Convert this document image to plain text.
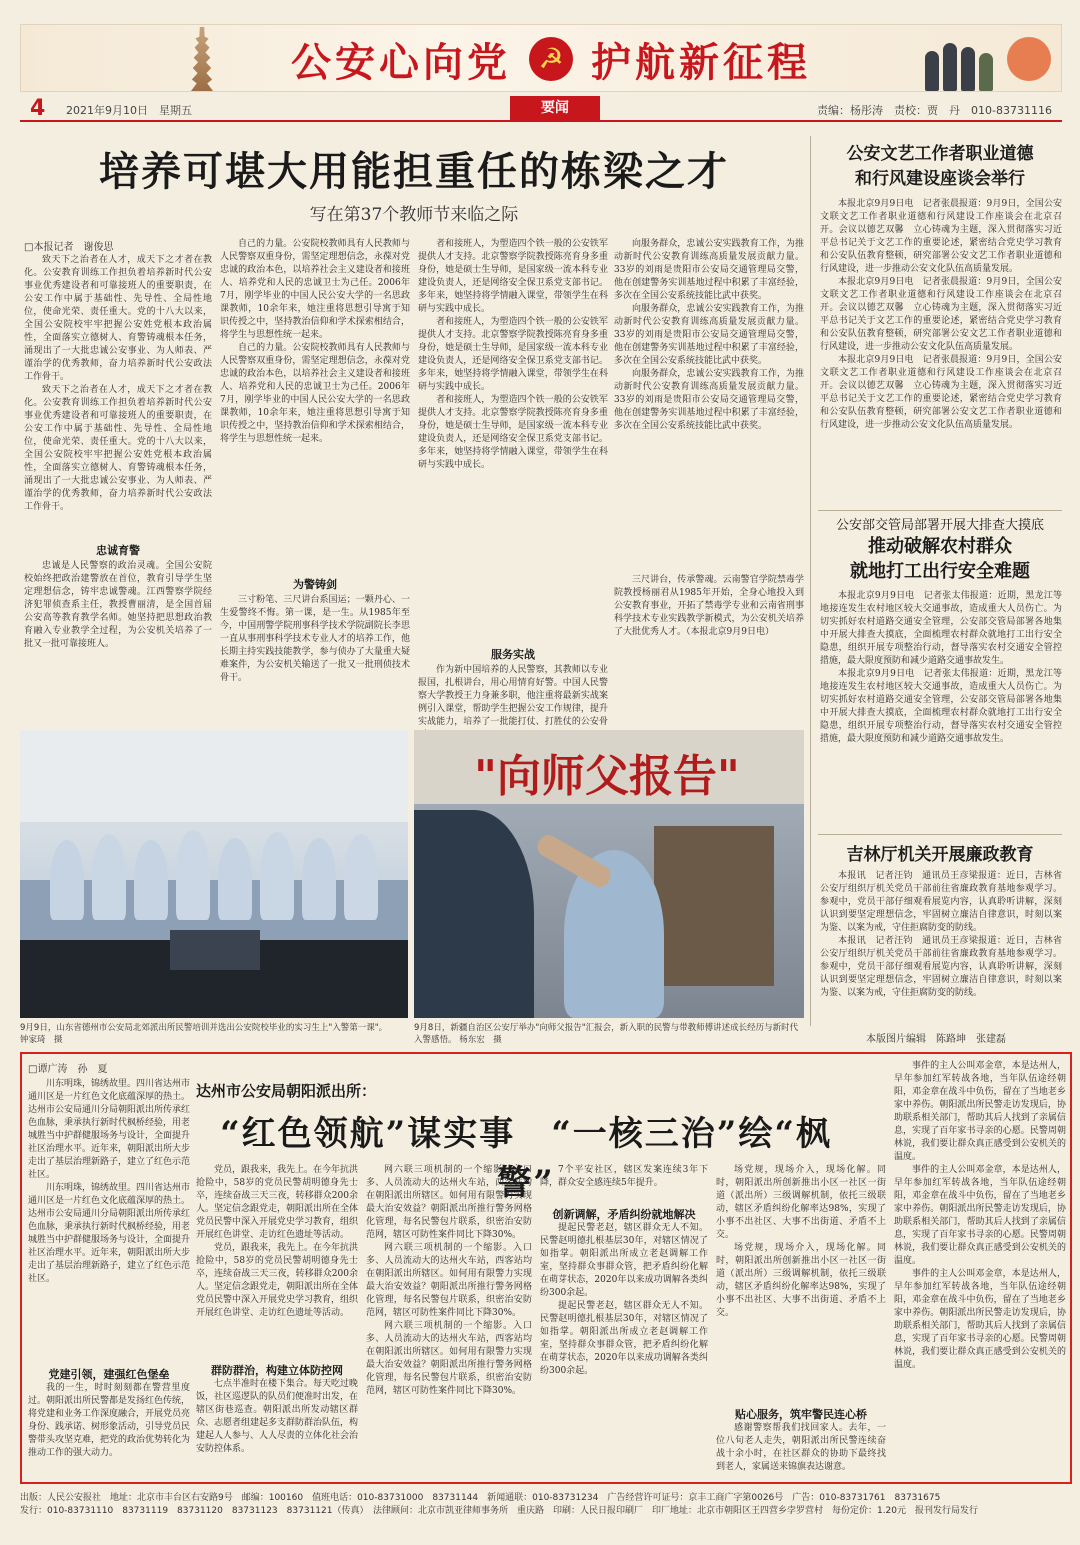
公安心向党 ☭ 护航新征程
4 2021年9月10日　星期五	要闻	责编：杨彤涛　责校：贾　丹　010-83731116
培养可堪大用能担重任的栋梁之才
写在第37个教师节来临之际
□本报记者　谢俊思
致天下之治者在人才，成天下之才者在教化。公安教育训练工作担负着培养新时代公安事业优秀建设者和可靠接班人的重要职责，在公安工作中属于基础性、先导性、全局性地位，使命光荣、责任重大。党的十八大以来，全国公安院校牢牢把握公安姓党根本政治属性，全面落实立德树人、育警铸魂根本任务，涌现出了一大批忠诚公安事业、为人师表、严谨治学的优秀教师，奋力培养新时代公安政法工作骨干。
致天下之治者在人才，成天下之才者在教化。公安教育训练工作担负着培养新时代公安事业优秀建设者和可靠接班人的重要职责，在公安工作中属于基础性、先导性、全局性地位，使命光荣、责任重大。党的十八大以来，全国公安院校牢牢把握公安姓党根本政治属性，全面落实立德树人、育警铸魂根本任务，涌现出了一大批忠诚公安事业、为人师表、严谨治学的优秀教师，奋力培养新时代公安政法工作骨干。
自己的力量。公安院校教师具有人民教师与人民警察双重身份，需坚定理想信念，永葆对党忠诚的政治本色，以培养社会主义建设者和接班人、培养党和人民的忠诚卫士为己任。2006年7月，刚学毕业的中国人民公安大学的一名思政课教师，10余年来，她注重将思想引导寓于知识传授之中，坚持教治信仰和学术探索相结合，将学生与思想性统一起来。
自己的力量。公安院校教师具有人民教师与人民警察双重身份，需坚定理想信念，永葆对党忠诚的政治本色，以培养社会主义建设者和接班人、培养党和人民的忠诚卫士为己任。2006年7月，刚学毕业的中国人民公安大学的一名思政课教师，10余年来，她注重将思想引导寓于知识传授之中，坚持教治信仰和学术探索相结合，将学生与思想性统一起来。
者和接班人，为塑造四个铁一般的公安铁军提供人才支持。北京警察学院教授陈亮育身多重身份，她是硕士生导师，是国家级一流本科专业建设负责人，还是网络安全保卫系党支部书记。多年来，她坚持将学情融入课堂，带领学生在科研与实践中成长。
者和接班人，为塑造四个铁一般的公安铁军提供人才支持。北京警察学院教授陈亮育身多重身份，她是硕士生导师，是国家级一流本科专业建设负责人，还是网络安全保卫系党支部书记。多年来，她坚持将学情融入课堂，带领学生在科研与实践中成长。
者和接班人，为塑造四个铁一般的公安铁军提供人才支持。北京警察学院教授陈亮育身多重身份，她是硕士生导师，是国家级一流本科专业建设负责人，还是网络安全保卫系党支部书记。多年来，她坚持将学情融入课堂，带领学生在科研与实践中成长。
向服务群众，忠诚公安实践教育工作，为推动新时代公安教育训练高质量发展贡献力量。33岁的刘雨是贵阳市公安局交通管理局交警，他在创建警务实训基地过程中积累了丰富经验，多次在全国公安系统技能比武中获奖。
向服务群众，忠诚公安实践教育工作，为推动新时代公安教育训练高质量发展贡献力量。33岁的刘雨是贵阳市公安局交通管理局交警，他在创建警务实训基地过程中积累了丰富经验，多次在全国公安系统技能比武中获奖。
向服务群众，忠诚公安实践教育工作，为推动新时代公安教育训练高质量发展贡献力量。33岁的刘雨是贵阳市公安局交通管理局交警，他在创建警务实训基地过程中积累了丰富经验，多次在全国公安系统技能比武中获奖。
忠诚育警
为警铸剑
服务实战
忠诚是人民警察的政治灵魂。全国公安院校始终把政治建警放在首位，教育引导学生坚定理想信念，铸牢忠诚警魂。江西警察学院经济犯罪侦查系主任，教授曹丽清，是全国首届公安高等教育教学名师。她坚持把思想政治教育融入专业教学全过程，为公安机关培养了一批又一批可靠接班人。
三寸粉笔、三尺讲台系国运；一颗丹心、一生爱警终不悔。第一课，是一生。从1985年至今，中国刑警学院刑事科学技术学院副院长李思一直从事刑事科学技术专业人才的培养工作，他长期主持实践技能教学，参与侦办了大量重大疑难案件，为公安机关输送了一批又一批刑侦技术骨干。
作为新中国培养的人民警察，其教师以专业报国，扎根讲台，用心用情育好警。中国人民警察大学教授王力身兼多职，他注重将最新实战案例引入课堂，帮助学生把握公安工作规律，提升实战能力，培养了一批能打仗、打胜仗的公安骨
三尺讲台，传承警魂。云南警官学院禁毒学院教授杨丽君从1985年开始，全身心地投入到公安教育事业，开拓了禁毒学专业和云南省刑事科学技术专业实践教学新模式，为公安机关培养了大批优秀人才。（本报北京9月9日电）
"向师父报告"
9月9日，山东省德州市公安局北郊派出所民警培训并选出公安院校毕业的实习生上"入警第一课"。 钟家琦　摄
9月8日，新疆自治区公安厅举办"向师父报告"汇报会，新入职的民警与带教师傅讲述成长经历与新时代入警感悟。 杨东宏　摄
公安文艺工作者职业道德
和行风建设座谈会举行
本报北京9月9日电　记者张晨报道：9月9日，全国公安文联文艺工作者职业道德和行风建设工作座谈会在北京召开。会议以德艺双馨　立心铸魂为主题，深入贯彻落实习近平总书记关于文艺工作的重要论述，紧密结合党史学习教育和公安队伍教育整顿，研究部署公安文艺工作者职业道德和行风建设，进一步推动公安文化队伍高质量发展。
本报北京9月9日电　记者张晨报道：9月9日，全国公安文联文艺工作者职业道德和行风建设工作座谈会在北京召开。会议以德艺双馨　立心铸魂为主题，深入贯彻落实习近平总书记关于文艺工作的重要论述，紧密结合党史学习教育和公安队伍教育整顿，研究部署公安文艺工作者职业道德和行风建设，进一步推动公安文化队伍高质量发展。
本报北京9月9日电　记者张晨报道：9月9日，全国公安文联文艺工作者职业道德和行风建设工作座谈会在北京召开。会议以德艺双馨　立心铸魂为主题，深入贯彻落实习近平总书记关于文艺工作的重要论述，紧密结合党史学习教育和公安队伍教育整顿，研究部署公安文艺工作者职业道德和行风建设，进一步推动公安文化队伍高质量发展。
公安部交管局部署开展大排查大摸底
推动破解农村群众
就地打工出行安全难题
本报北京9月9日电　记者张太伟报道：近期，黑龙江等地接连发生农村地区较大交通事故，造成重大人员伤亡。为切实抓好农村道路交通安全管理，公安部交管局部署各地集中开展大排查大摸底，全面梳理农村群众就地打工出行安全隐患，组织开展专项整治行动，督导落实农村交通安全管控措施，最大限度预防和减少道路交通事故发生。
本报北京9月9日电　记者张太伟报道：近期，黑龙江等地接连发生农村地区较大交通事故，造成重大人员伤亡。为切实抓好农村道路交通安全管理，公安部交管局部署各地集中开展大排查大摸底，全面梳理农村群众就地打工出行安全隐患，组织开展专项整治行动，督导落实农村交通安全管控措施，最大限度预防和减少道路交通事故发生。
吉林厅机关开展廉政教育
本报讯　记者汪钧　通讯员王彦梁报道：近日，吉林省公安厅组织厅机关党员干部前往省廉政教育基地参观学习。参观中，党员干部仔细观看展览内容，认真聆听讲解，深刻认识到要坚定理想信念，牢固树立廉洁自律意识，时刻以案为鉴、以案为戒，守住拒腐防变的防线。
本报讯　记者汪钧　通讯员王彦梁报道：近日，吉林省公安厅组织厅机关党员干部前往省廉政教育基地参观学习。参观中，党员干部仔细观看展览内容，认真聆听讲解，深刻认识到要坚定理想信念，牢固树立廉洁自律意识，时刻以案为鉴、以案为戒，守住拒腐防变的防线。
本版图片编辑　陈路坤　张建磊
□谭广涛　孙　夏
达州市公安局朝阳派出所：
“红色领航”谋实事　 “一核三治”绘“枫警”
川东明珠，锦绣故里。四川省达州市通川区是一片红色文化底蕴深厚的热土。达州市公安局通川分局朝阳派出所传承红色血脉，秉承执行新时代枫桥经验，用老城胜当中护群健服场务与设计，全面提升社区治理水平。近年来，朝阳派出所大步走出了基层治理新路子，建立了红色示范社区。
川东明珠，锦绣故里。四川省达州市通川区是一片红色文化底蕴深厚的热土。达州市公安局通川分局朝阳派出所传承红色血脉，秉承执行新时代枫桥经验，用老城胜当中护群健服场务与设计，全面提升社区治理水平。近年来，朝阳派出所大步走出了基层治理新路子，建立了红色示范社区。
党建引领，建强红色堡垒
我的一生，时时刻刻都在警营里度过。朝阳派出所民警都是发扬红色传统，将党建和业务工作深度融合，开展党员亮身份、践承诺、树形象活动，引导党员民警带头攻坚克难，把党的政治优势转化为推动工作的强大动力。
党员，跟我来，我先上。在今年抗洪抢险中，58岁的党员民警胡明德身先士卒，连续奋战三天三夜，转移群众200余人。坚定信念跟党走，朝阳派出所在全体党员民警中深入开展党史学习教育，组织开展红色讲堂、走访红色遗址等活动。
党员，跟我来，我先上。在今年抗洪抢险中，58岁的党员民警胡明德身先士卒，连续奋战三天三夜，转移群众200余人。坚定信念跟党走，朝阳派出所在全体党员民警中深入开展党史学习教育，组织开展红色讲堂、走访红色遗址等活动。
群防群治，构建立体防控网
七点半准时在楼下集合。每天吃过晚饭，社区巡逻队的队员们便准时出发，在辖区街巷巡查。朝阳派出所发动辖区群众、志愿者组建起多支群防群治队伍，构建起人人参与、人人尽责的立体化社会治安防控体系。
网六联三项机制的一个缩影。入口多、人员流动大的达州火车站，西客站均在朝阳派出所辖区。如何用有限警力实现最大治安效益？朝阳派出所推行警务网格化管理，每名民警包片联系，织密治安防范网，辖区可防性案件同比下降30%。
网六联三项机制的一个缩影。入口多、人员流动大的达州火车站，西客站均在朝阳派出所辖区。如何用有限警力实现最大治安效益？朝阳派出所推行警务网格化管理，每名民警包片联系，织密治安防范网，辖区可防性案件同比下降30%。
网六联三项机制的一个缩影。入口多、人员流动大的达州火车站，西客站均在朝阳派出所辖区。如何用有限警力实现最大治安效益？朝阳派出所推行警务网格化管理，每名民警包片联系，织密治安防范网，辖区可防性案件同比下降30%。
7个平安社区，辖区发案连续3年下降，群众安全感连续5年提升。
创新调解，矛盾纠纷就地解决
提起民警老赵，辖区群众无人不知。民警赵明德扎根基层30年，对辖区情况了如指掌。朝阳派出所成立老赵调解工作室，坚持群众事群众管，把矛盾纠纷化解在萌芽状态，2020年以来成功调解各类纠纷300余起。
提起民警老赵，辖区群众无人不知。民警赵明德扎根基层30年，对辖区情况了如指掌。朝阳派出所成立老赵调解工作室，坚持群众事群众管，把矛盾纠纷化解在萌芽状态，2020年以来成功调解各类纠纷300余起。
场党规，现场介入，现场化解。同时，朝阳派出所创新推出小区一社区一街道（派出所）三级调解机制，依托三级联动，辖区矛盾纠纷化解率达98%，实现了小事不出社区、大事不出街道、矛盾不上交。
场党规，现场介入，现场化解。同时，朝阳派出所创新推出小区一社区一街道（派出所）三级调解机制，依托三级联动，辖区矛盾纠纷化解率达98%，实现了小事不出社区、大事不出街道、矛盾不上交。
贴心服务，筑牢警民连心桥
感谢警察帮我们找回家人。去年，一位八旬老人走失，朝阳派出所民警连续奋战十余小时，在社区群众的协助下最终找到老人，家属送来锦旗表达谢意。
事件的主人公叫邓金章，本是达州人，早年参加红军转战各地，当年队伍途经朝阳，邓金章在战斗中负伤，留在了当地老乡家中养伤。朝阳派出所民警走访发现后，协助联系相关部门，帮助其后人找到了亲属信息，实现了百年家书寻亲的心愿。民警周朝林说，我们要让群众真正感受到公安机关的温度。
事件的主人公叫邓金章，本是达州人，早年参加红军转战各地，当年队伍途经朝阳，邓金章在战斗中负伤，留在了当地老乡家中养伤。朝阳派出所民警走访发现后，协助联系相关部门，帮助其后人找到了亲属信息，实现了百年家书寻亲的心愿。民警周朝林说，我们要让群众真正感受到公安机关的温度。
事件的主人公叫邓金章，本是达州人，早年参加红军转战各地，当年队伍途经朝阳，邓金章在战斗中负伤，留在了当地老乡家中养伤。朝阳派出所民警走访发现后，协助联系相关部门，帮助其后人找到了亲属信息，实现了百年家书寻亲的心愿。民警周朝林说，我们要让群众真正感受到公安机关的温度。
出版：人民公安报社　地址：北京市丰台区右安路9号　邮编：100160　值班电话：010-83731000　83731144　新闻通联：010-83731234　广告经营许可证号：京丰工商广字第0026号　广告：010-83731761　83731675
发行：010-83731110　83731119　83731120　83731123　83731121（传真）　法律顾问：北京市凯亚律师事务所　重庆路　印刷：人民日报印刷厂　印厂地址：北京市朝阳区王四营乡孛罗营村　每份定价：1.20元　报刊发行局发行
